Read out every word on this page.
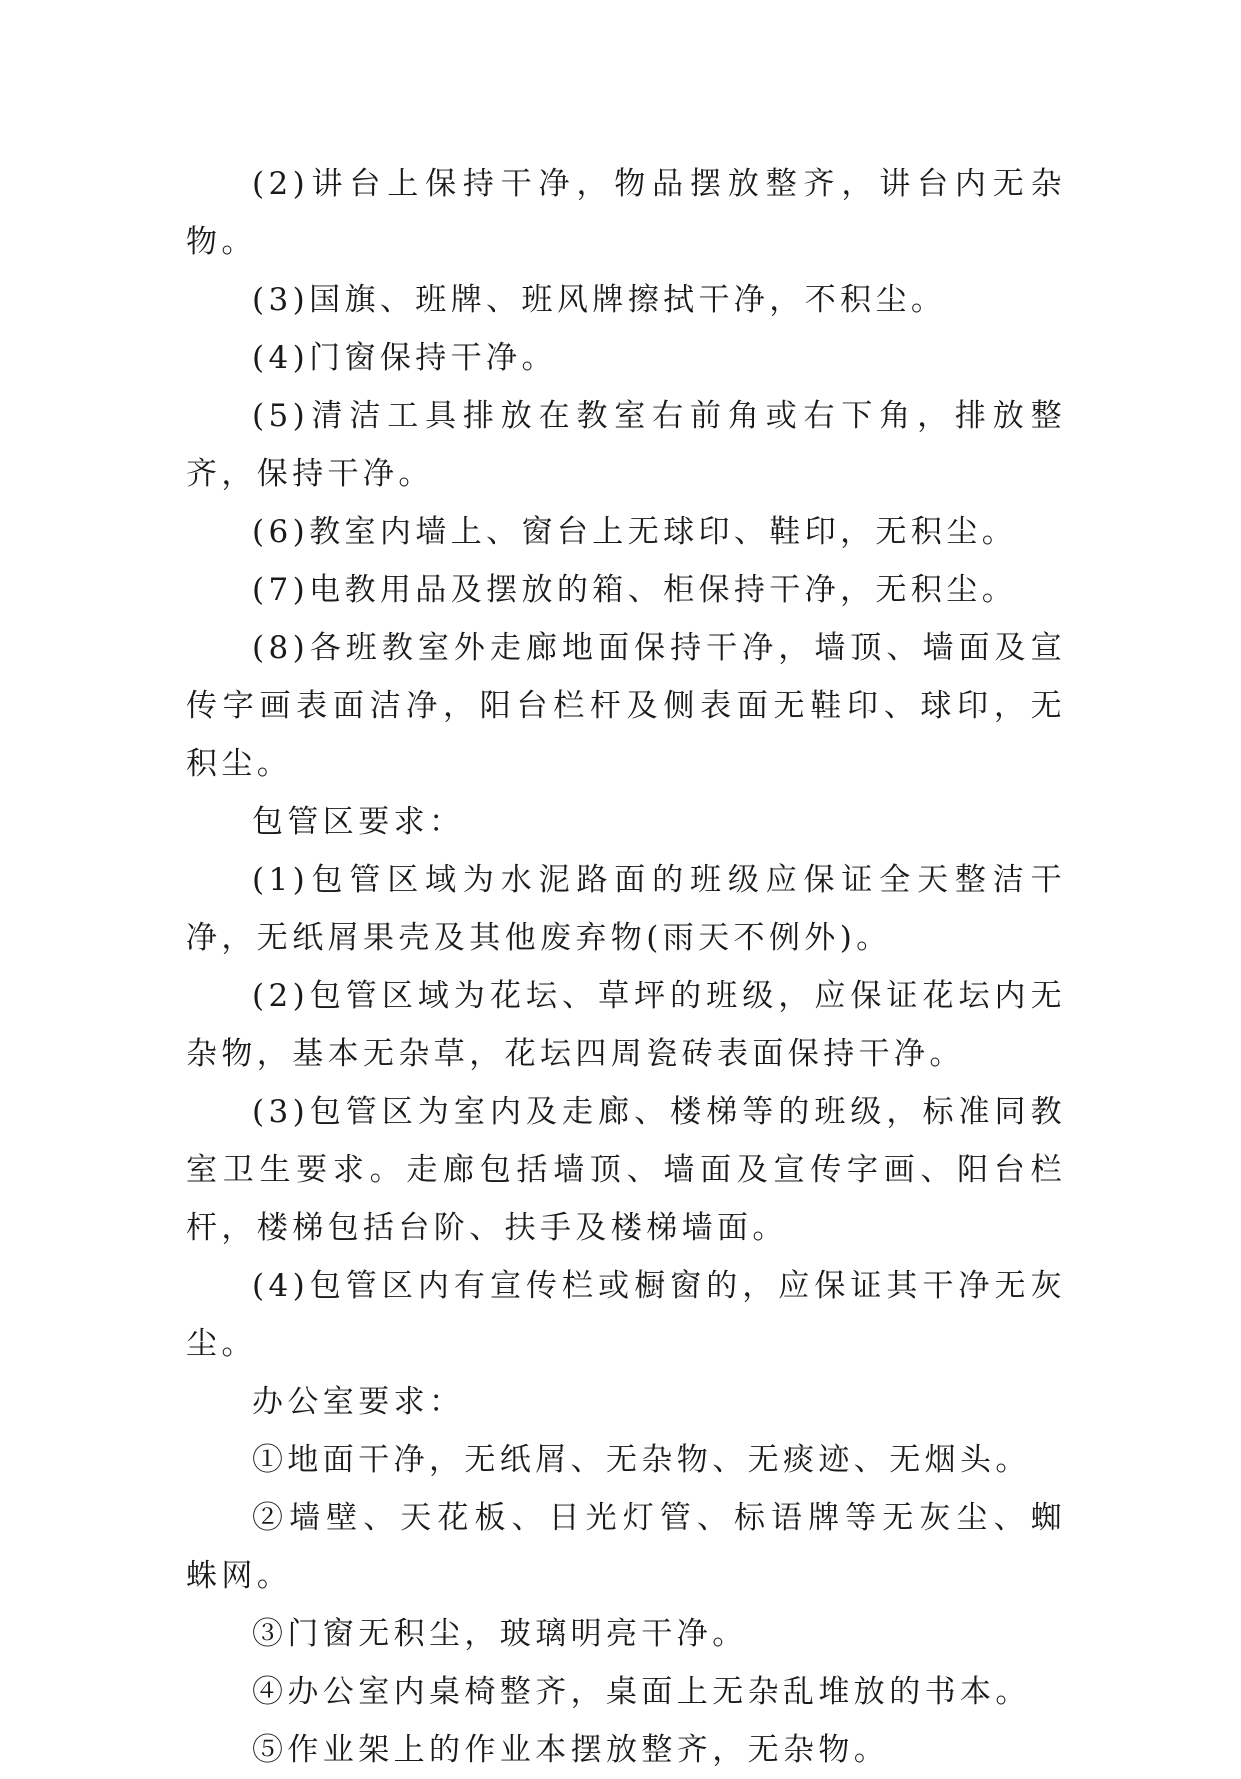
(2)讲台上保持干净，物品摆放整齐，讲台内无杂物。

(3)国旗、班牌、班风牌擦拭干净，不积尘。

(4)门窗保持干净。

(5)清洁工具排放在教室右前角或右下角，排放整齐，保持干净。

(6)教室内墙上、窗台上无球印、鞋印，无积尘。

(7)电教用品及摆放的箱、柜保持干净，无积尘。

(8)各班教室外走廊地面保持干净，墙顶、墙面及宣传字画表面洁净，阳台栏杆及侧表面无鞋印、球印，无积尘。

包管区要求：

(1)包管区域为水泥路面的班级应保证全天整洁干净，无纸屑果壳及其他废弃物(雨天不例外)。

(2)包管区域为花坛、草坪的班级，应保证花坛内无杂物，基本无杂草，花坛四周瓷砖表面保持干净。

(3)包管区为室内及走廊、楼梯等的班级，标准同教室卫生要求。走廊包括墙顶、墙面及宣传字画、阳台栏杆，楼梯包括台阶、扶手及楼梯墙面。

(4)包管区内有宣传栏或橱窗的，应保证其干净无灰尘。

办公室要求：

①地面干净，无纸屑、无杂物、无痰迹、无烟头。

②墙壁、天花板、日光灯管、标语牌等无灰尘、蜘蛛网。

③门窗无积尘，玻璃明亮干净。

④办公室内桌椅整齐，桌面上无杂乱堆放的书本。

⑤作业架上的作业本摆放整齐，无杂物。
